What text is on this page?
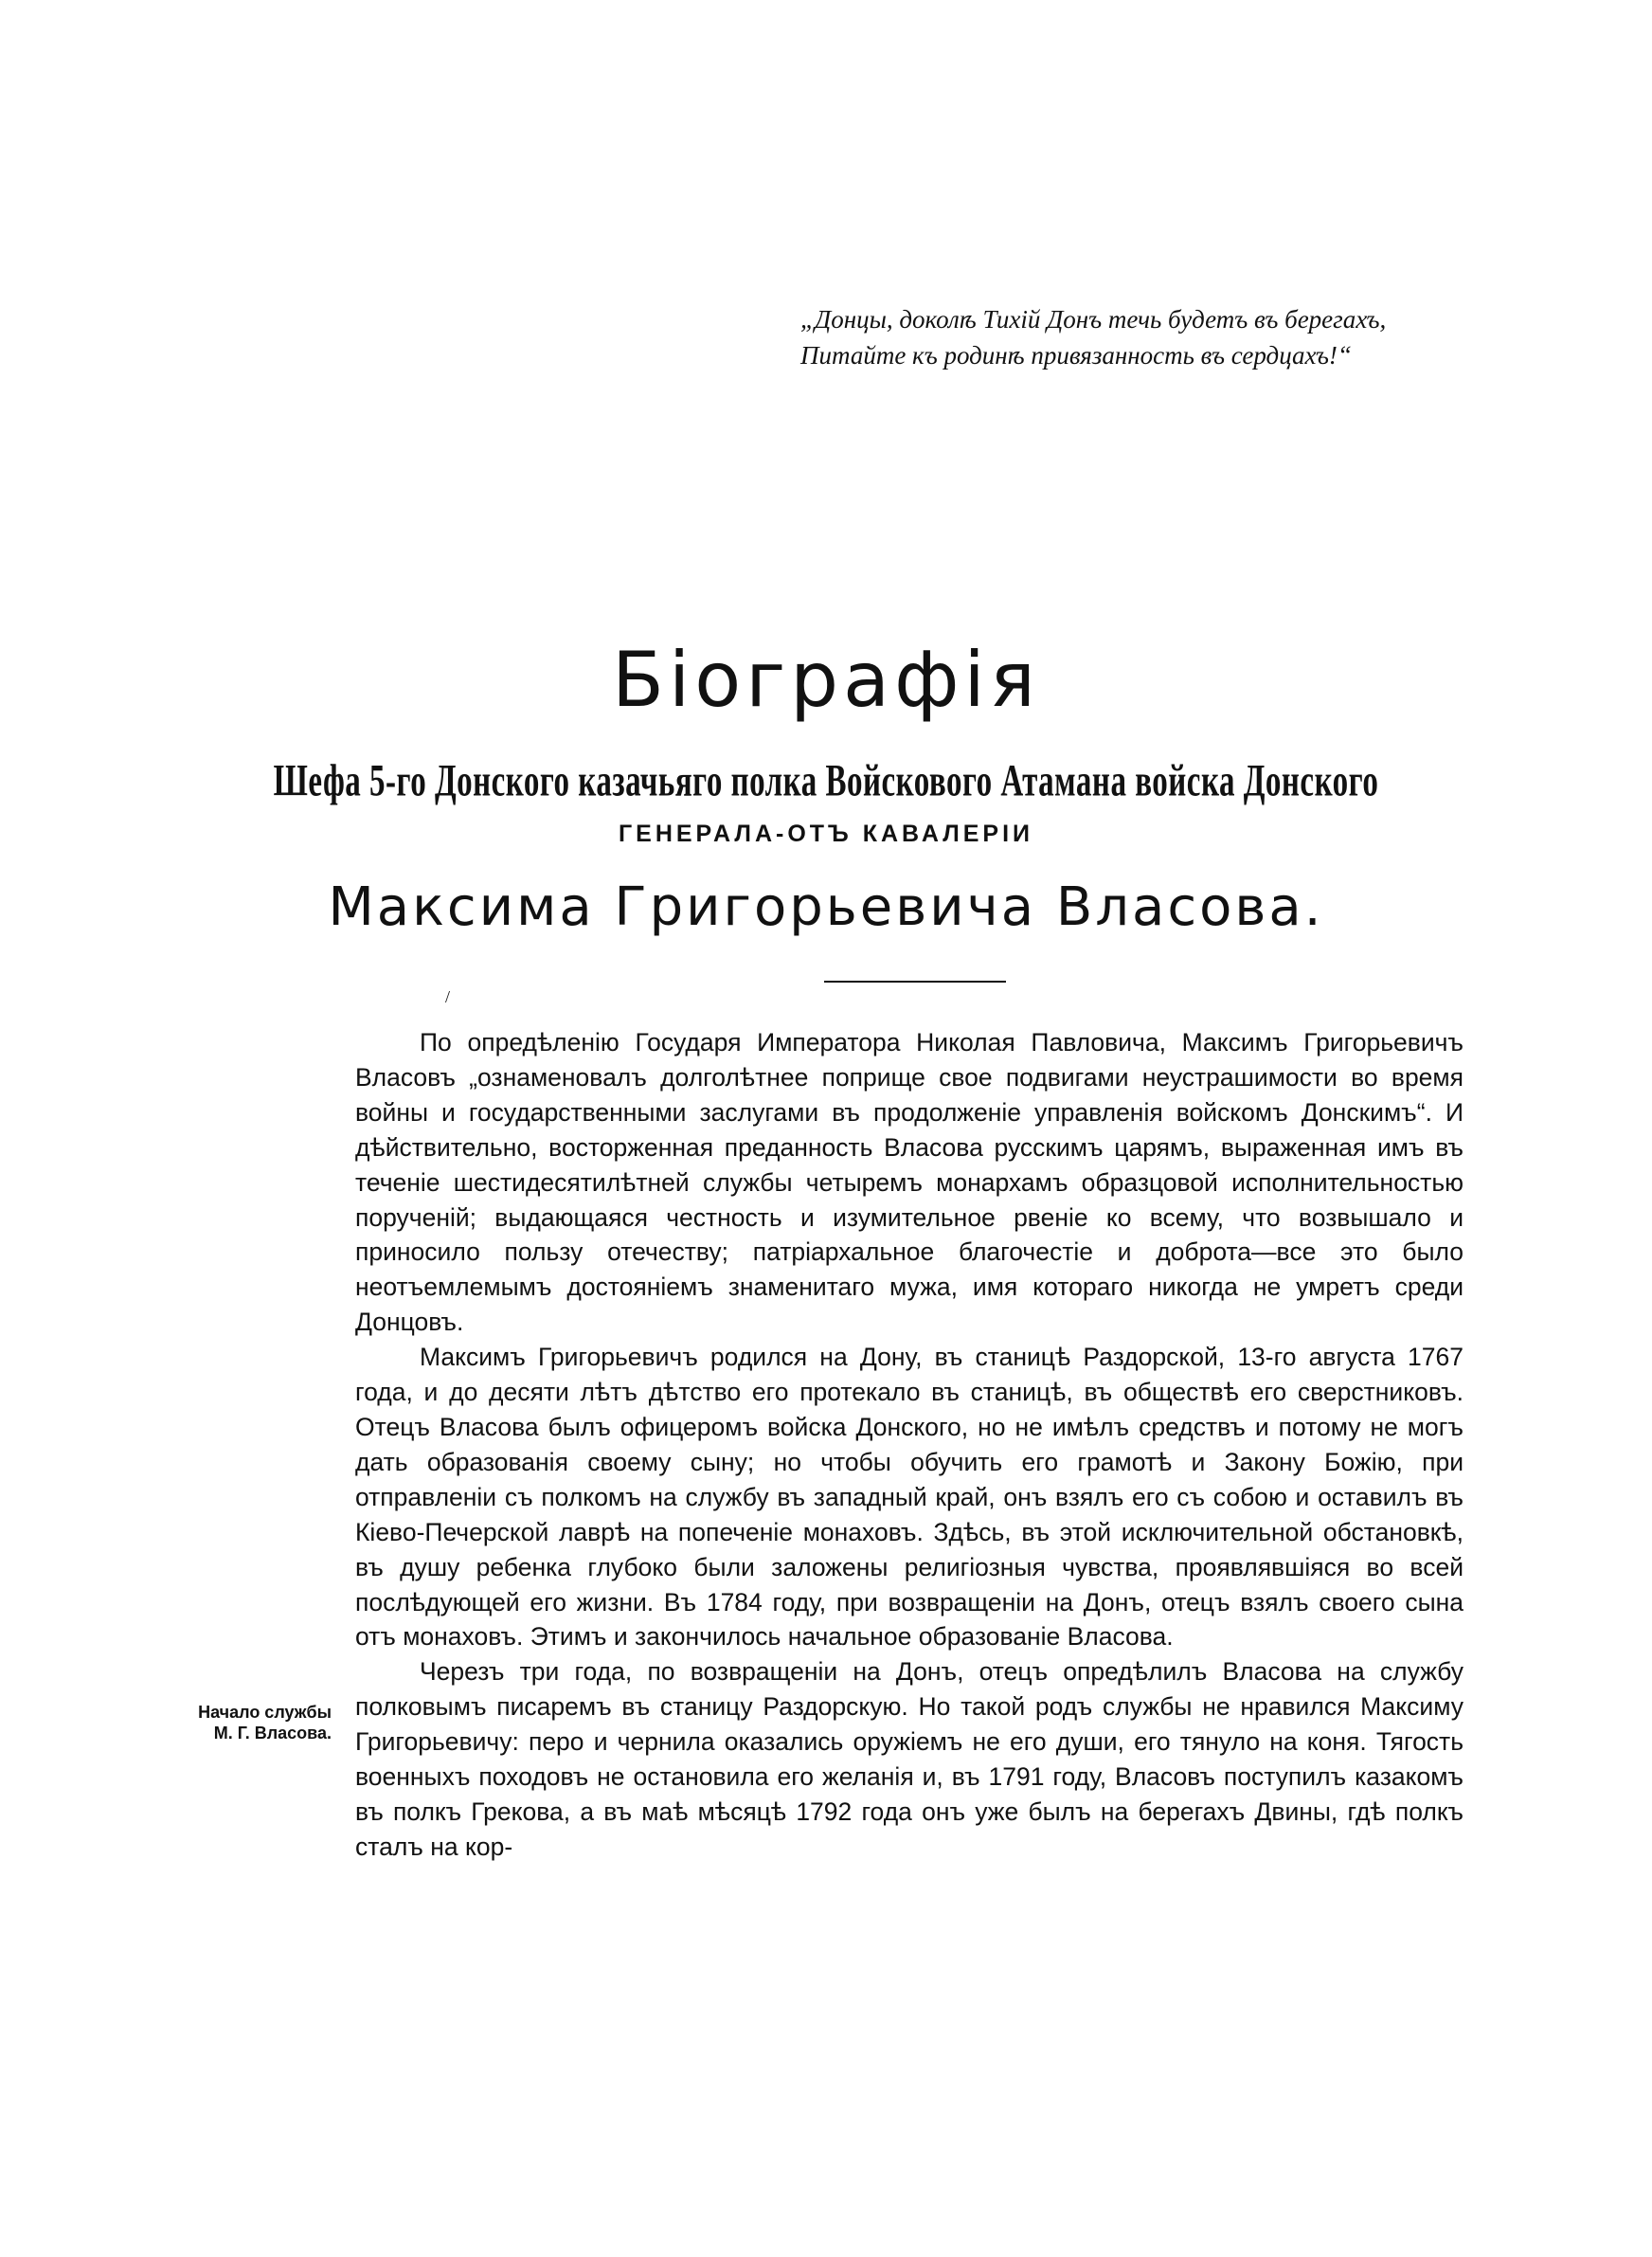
„Донцы, доколѣ Тихій Донъ течь будетъ въ берегахъ,
Питайте къ родинѣ привязанность въ сердцахъ!“
Біографія
Шефа 5-го Донского казачьяго полка Войскового Атамана войска Донского
ГЕНЕРАЛА-ОТЪ КАВАЛЕРІИ
Максима Григорьевича Власова.
/
Начало службы
М. Г. Власова.

По опредѣленію Государя Императора Николая Павловича, Максимъ Григорьевичъ Власовъ „ознаменовалъ долголѣтнее поприще свое подвигами неустрашимости во время войны и государственными заслугами въ продолженіе управленія войскомъ Донскимъ“. И дѣйствительно, восторженная преданность Власова русскимъ царямъ, выраженная имъ въ теченіе шестидесятилѣтней службы четыремъ монархамъ образцовой исполнительностью порученій; выдающаяся честность и изумительное рвеніе ко всему, что возвышало и приносило пользу отечеству; патріархальное благочестіе и доброта—все это было неотъемлемымъ достояніемъ знаменитаго мужа, имя котораго никогда не умретъ среди Донцовъ.

Максимъ Григорьевичъ родился на Дону, въ станицѣ Раздорской, 13-го августа 1767 года, и до десяти лѣтъ дѣтство его протекало въ станицѣ, въ обществѣ его сверстниковъ. Отецъ Власова былъ офицеромъ войска Донского, но не имѣлъ средствъ и потому не могъ дать образованія своему сыну; но чтобы обучить его грамотѣ и Закону Божію, при отправленіи съ полкомъ на службу въ западный край, онъ взялъ его съ собою и оставилъ въ Кіево-Печерской лаврѣ на попеченіе монаховъ. Здѣсь, въ этой исключительной обстановкѣ, въ душу ребенка глубоко были заложены религіозныя чувства, проявлявшіяся во всей послѣдующей его жизни. Въ 1784 году, при возвращеніи на Донъ, отецъ взялъ своего сына отъ монаховъ. Этимъ и закончилось начальное образованіе Власова.

Черезъ три года, по возвращеніи на Донъ, отецъ опредѣлилъ Власова на службу полковымъ писаремъ въ станицу Раздорскую. Но такой родъ службы не нравился Максиму Григорьевичу: перо и чернила оказались оружіемъ не его души, его тянуло на коня. Тягость военныхъ походовъ не остановила его желанія и, въ 1791 году, Власовъ поступилъ казакомъ въ полкъ Грекова, а въ маѣ мѣсяцѣ 1792 года онъ уже былъ на берегахъ Двины, гдѣ полкъ сталъ на кор-
